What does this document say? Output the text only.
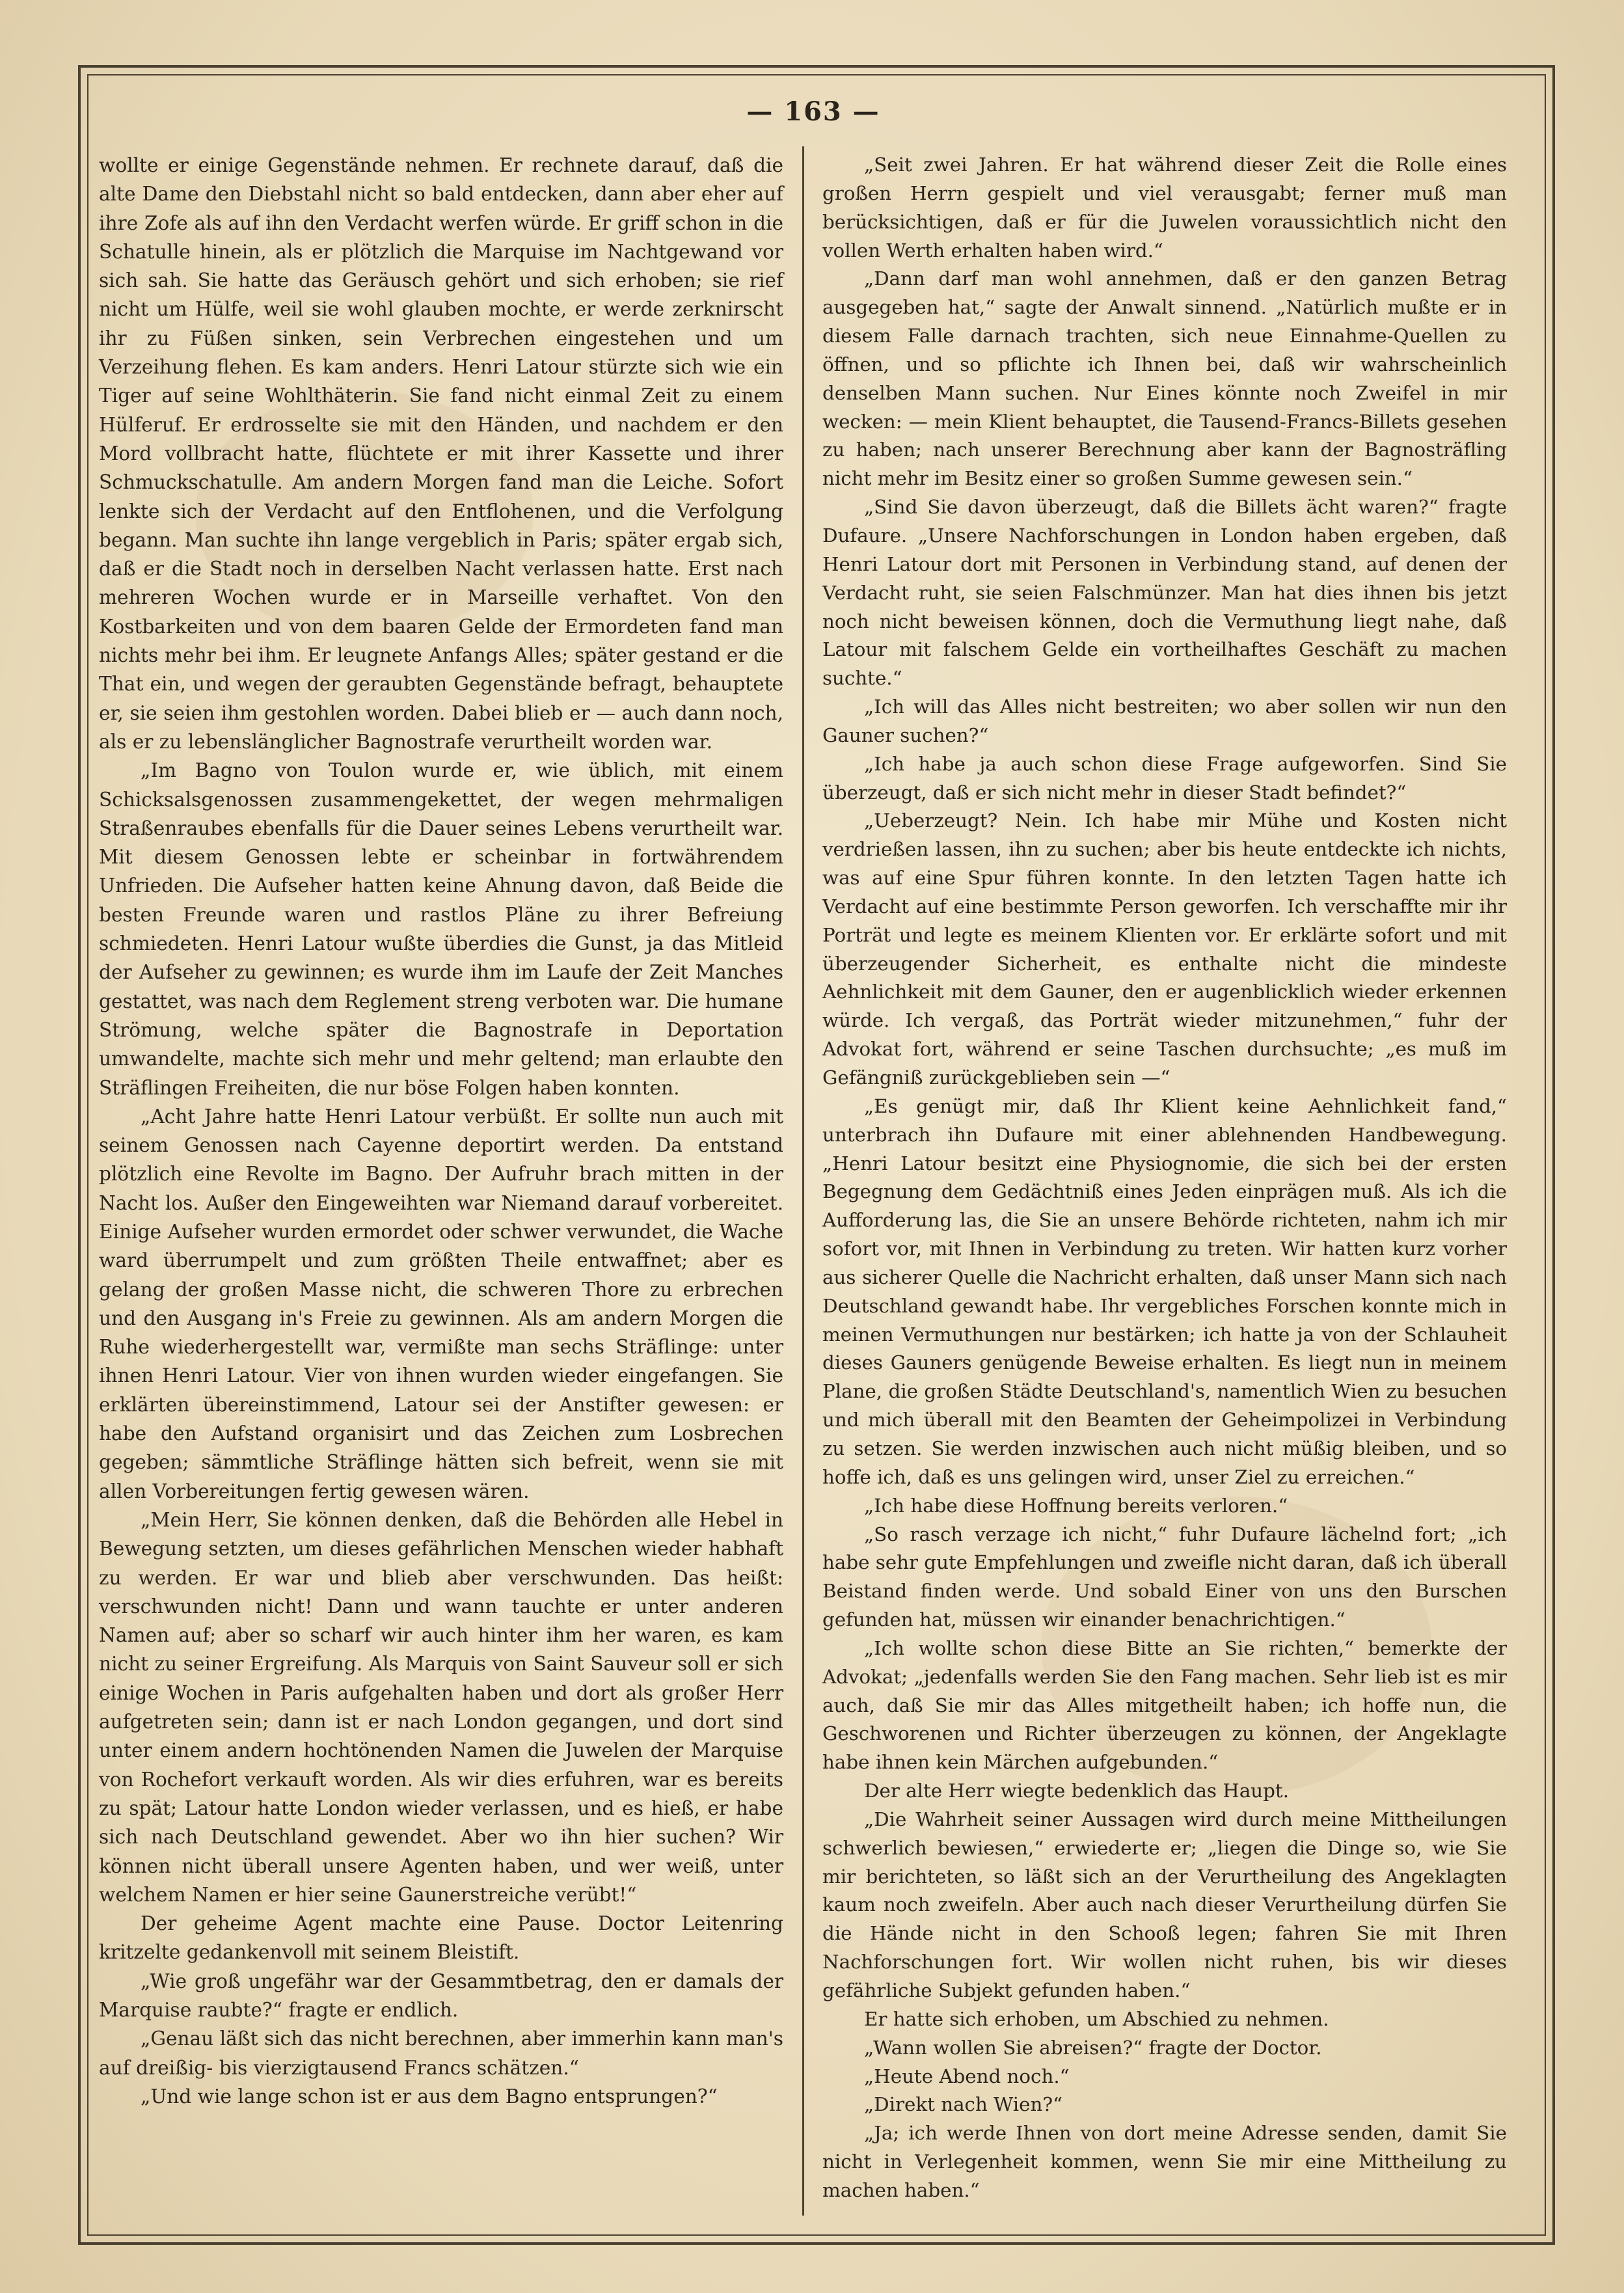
— 163 —

wollte er einige Gegenstände nehmen. Er rechnete darauf, daß die alte Dame den Diebstahl nicht so bald entdecken, dann aber eher auf ihre Zofe als auf ihn den Verdacht werfen würde. Er griff schon in die Schatulle hinein, als er plötzlich die Marquise im Nachtgewand vor sich sah. Sie hatte das Geräusch gehört und sich erhoben; sie rief nicht um Hülfe, weil sie wohl glauben mochte, er werde zerknirscht ihr zu Füßen sinken, sein Verbrechen eingestehen und um Verzeihung flehen. Es kam anders. Henri Latour stürzte sich wie ein Tiger auf seine Wohlthäterin. Sie fand nicht einmal Zeit zu einem Hülferuf. Er erdrosselte sie mit den Händen, und nachdem er den Mord vollbracht hatte, flüchtete er mit ihrer Kassette und ihrer Schmuckschatulle. Am andern Morgen fand man die Leiche. Sofort lenkte sich der Verdacht auf den Entflohenen, und die Verfolgung begann. Man suchte ihn lange vergeblich in Paris; später ergab sich, daß er die Stadt noch in derselben Nacht verlassen hatte. Erst nach mehreren Wochen wurde er in Marseille verhaftet. Von den Kostbarkeiten und von dem baaren Gelde der Ermordeten fand man nichts mehr bei ihm. Er leugnete Anfangs Alles; später gestand er die That ein, und wegen der geraubten Gegenstände befragt, behauptete er, sie seien ihm gestohlen worden. Dabei blieb er — auch dann noch, als er zu lebenslänglicher Bagnostrafe verurtheilt worden war.

„Im Bagno von Toulon wurde er, wie üblich, mit einem Schicksalsgenossen zusammengekettet, der wegen mehrmaligen Straßenraubes ebenfalls für die Dauer seines Lebens verurtheilt war. Mit diesem Genossen lebte er scheinbar in fortwährendem Unfrieden. Die Aufseher hatten keine Ahnung davon, daß Beide die besten Freunde waren und rastlos Pläne zu ihrer Befreiung schmiedeten. Henri Latour wußte überdies die Gunst, ja das Mitleid der Aufseher zu gewinnen; es wurde ihm im Laufe der Zeit Manches gestattet, was nach dem Reglement streng verboten war. Die humane Strömung, welche später die Bagnostrafe in Deportation umwandelte, machte sich mehr und mehr geltend; man erlaubte den Sträflingen Freiheiten, die nur böse Folgen haben konnten.

„Acht Jahre hatte Henri Latour verbüßt. Er sollte nun auch mit seinem Genossen nach Cayenne deportirt werden. Da entstand plötzlich eine Revolte im Bagno. Der Aufruhr brach mitten in der Nacht los. Außer den Eingeweihten war Niemand darauf vorbereitet. Einige Aufseher wurden ermordet oder schwer verwundet, die Wache ward überrumpelt und zum größten Theile entwaffnet; aber es gelang der großen Masse nicht, die schweren Thore zu erbrechen und den Ausgang in's Freie zu gewinnen. Als am andern Morgen die Ruhe wiederhergestellt war, vermißte man sechs Sträflinge: unter ihnen Henri Latour. Vier von ihnen wurden wieder eingefangen. Sie erklärten übereinstimmend, Latour sei der Anstifter gewesen: er habe den Aufstand organisirt und das Zeichen zum Losbrechen gegeben; sämmtliche Sträflinge hätten sich befreit, wenn sie mit allen Vorbereitungen fertig gewesen wären.

„Mein Herr, Sie können denken, daß die Behörden alle Hebel in Bewegung setzten, um dieses gefährlichen Menschen wieder habhaft zu werden. Er war und blieb aber verschwunden. Das heißt: verschwunden nicht! Dann und wann tauchte er unter anderen Namen auf; aber so scharf wir auch hinter ihm her waren, es kam nicht zu seiner Ergreifung. Als Marquis von Saint Sauveur soll er sich einige Wochen in Paris aufgehalten haben und dort als großer Herr aufgetreten sein; dann ist er nach London gegangen, und dort sind unter einem andern hochtönenden Namen die Juwelen der Marquise von Rochefort verkauft worden. Als wir dies erfuhren, war es bereits zu spät; Latour hatte London wieder verlassen, und es hieß, er habe sich nach Deutschland gewendet. Aber wo ihn hier suchen? Wir können nicht überall unsere Agenten haben, und wer weiß, unter welchem Namen er hier seine Gaunerstreiche verübt!“

Der geheime Agent machte eine Pause. Doctor Leitenring kritzelte gedankenvoll mit seinem Bleistift.

„Wie groß ungefähr war der Gesammtbetrag, den er damals der Marquise raubte?“ fragte er endlich.

„Genau läßt sich das nicht berechnen, aber immerhin kann man's auf dreißig- bis vierzigtausend Francs schätzen.“

„Und wie lange schon ist er aus dem Bagno entsprungen?“

„Seit zwei Jahren. Er hat während dieser Zeit die Rolle eines großen Herrn gespielt und viel verausgabt; ferner muß man berücksichtigen, daß er für die Juwelen voraussichtlich nicht den vollen Werth erhalten haben wird.“

„Dann darf man wohl annehmen, daß er den ganzen Betrag ausgegeben hat,“ sagte der Anwalt sinnend. „Natürlich mußte er in diesem Falle darnach trachten, sich neue Einnahme-Quellen zu öffnen, und so pflichte ich Ihnen bei, daß wir wahrscheinlich denselben Mann suchen. Nur Eines könnte noch Zweifel in mir wecken: — mein Klient behauptet, die Tausend-Francs-Billets gesehen zu haben; nach unserer Berechnung aber kann der Bagnosträfling nicht mehr im Besitz einer so großen Summe gewesen sein.“

„Sind Sie davon überzeugt, daß die Billets ächt waren?“ fragte Dufaure. „Unsere Nachforschungen in London haben ergeben, daß Henri Latour dort mit Personen in Verbindung stand, auf denen der Verdacht ruht, sie seien Falschmünzer. Man hat dies ihnen bis jetzt noch nicht beweisen können, doch die Vermuthung liegt nahe, daß Latour mit falschem Gelde ein vortheilhaftes Geschäft zu machen suchte.“

„Ich will das Alles nicht bestreiten; wo aber sollen wir nun den Gauner suchen?“

„Ich habe ja auch schon diese Frage aufgeworfen. Sind Sie überzeugt, daß er sich nicht mehr in dieser Stadt befindet?“

„Ueberzeugt? Nein. Ich habe mir Mühe und Kosten nicht verdrießen lassen, ihn zu suchen; aber bis heute entdeckte ich nichts, was auf eine Spur führen konnte. In den letzten Tagen hatte ich Verdacht auf eine bestimmte Person geworfen. Ich verschaffte mir ihr Porträt und legte es meinem Klienten vor. Er erklärte sofort und mit überzeugender Sicherheit, es enthalte nicht die mindeste Aehnlichkeit mit dem Gauner, den er augenblicklich wieder erkennen würde. Ich vergaß, das Porträt wieder mitzunehmen,“ fuhr der Advokat fort, während er seine Taschen durchsuchte; „es muß im Gefängniß zurückgeblieben sein —“

„Es genügt mir, daß Ihr Klient keine Aehnlichkeit fand,“ unterbrach ihn Dufaure mit einer ablehnenden Handbewegung. „Henri Latour besitzt eine Physiognomie, die sich bei der ersten Begegnung dem Gedächtniß eines Jeden einprägen muß. Als ich die Aufforderung las, die Sie an unsere Behörde richteten, nahm ich mir sofort vor, mit Ihnen in Verbindung zu treten. Wir hatten kurz vorher aus sicherer Quelle die Nachricht erhalten, daß unser Mann sich nach Deutschland gewandt habe. Ihr vergebliches Forschen konnte mich in meinen Vermuthungen nur bestärken; ich hatte ja von der Schlauheit dieses Gauners genügende Beweise erhalten. Es liegt nun in meinem Plane, die großen Städte Deutschland's, namentlich Wien zu besuchen und mich überall mit den Beamten der Geheimpolizei in Verbindung zu setzen. Sie werden inzwischen auch nicht müßig bleiben, und so hoffe ich, daß es uns gelingen wird, unser Ziel zu erreichen.“

„Ich habe diese Hoffnung bereits verloren.“

„So rasch verzage ich nicht,“ fuhr Dufaure lächelnd fort; „ich habe sehr gute Empfehlungen und zweifle nicht daran, daß ich überall Beistand finden werde. Und sobald Einer von uns den Burschen gefunden hat, müssen wir einander benachrichtigen.“

„Ich wollte schon diese Bitte an Sie richten,“ bemerkte der Advokat; „jedenfalls werden Sie den Fang machen. Sehr lieb ist es mir auch, daß Sie mir das Alles mitgetheilt haben; ich hoffe nun, die Geschworenen und Richter überzeugen zu können, der Angeklagte habe ihnen kein Märchen aufgebunden.“

Der alte Herr wiegte bedenklich das Haupt.

„Die Wahrheit seiner Aussagen wird durch meine Mittheilungen schwerlich bewiesen,“ erwiederte er; „liegen die Dinge so, wie Sie mir berichteten, so läßt sich an der Verurtheilung des Angeklagten kaum noch zweifeln. Aber auch nach dieser Verurtheilung dürfen Sie die Hände nicht in den Schooß legen; fahren Sie mit Ihren Nachforschungen fort. Wir wollen nicht ruhen, bis wir dieses gefährliche Subjekt gefunden haben.“

Er hatte sich erhoben, um Abschied zu nehmen.

„Wann wollen Sie abreisen?“ fragte der Doctor.

„Heute Abend noch.“

„Direkt nach Wien?“

„Ja; ich werde Ihnen von dort meine Adresse senden, damit Sie nicht in Verlegenheit kommen, wenn Sie mir eine Mittheilung zu machen haben.“
